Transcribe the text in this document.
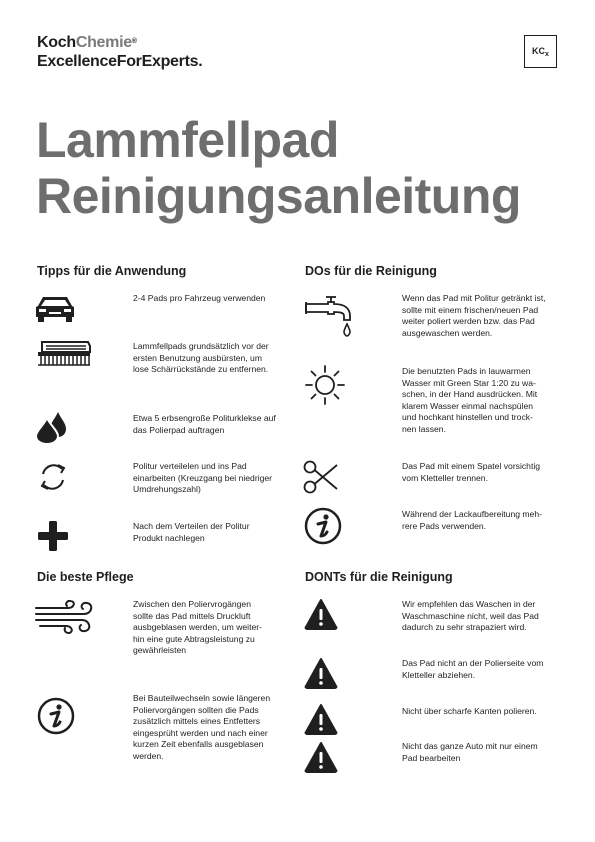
KochChemie®
ExcellenceForExperts.
$KC_x$
Lammfellpad
Reinigungsanleitung
Tipps für die Anwendung	DOs für die Reinigung
Die beste Pflege	DONTs für die Reinigung
2-4 Pads pro Fahrzeug verwenden
Lammfellpads grundsätzlich vor der
ersten Benutzung ausbürsten, um
lose Schärrückstände zu entfernen.
Etwa 5 erbsengroße Politurklekse auf
das Polierpad auftragen
Politur verteilelen und ins Pad
einarbeiten (Kreuzgang bei niedriger
Umdrehungszahl)
Nach dem Verteilen der Politur
Produkt nachlegen
Zwischen den Poliervrogängen
sollte das Pad mittels Druckluft
ausbgeblasen werden, um weiter-
hin eine gute Abtragsleistung zu
gewährleisten
Bei Bauteilwechseln sowie längeren
Poliervorgängen sollten die Pads
zusätzlich mittels eines Entfetters
eingesprüht werden und nach einer
kurzen Zeit ebenfalls ausgeblasen
werden.
Wenn das Pad mit Politur getränkt ist,
sollte mit einem frischen/neuen Pad
weiter poliert werden bzw. das Pad
ausgewaschen werden.
Die benutzten Pads in lauwarmen
Wasser mit Green Star 1:20 zu wa-
schen, in der Hand ausdrücken. Mit
klarem Wasser einmal nachspülen
und hochkant hinstellen und trock-
nen lassen.
Das Pad mit einem Spatel vorsichtig
vom Kletteller trennen.
Während der Lackaufbereitung meh-
rere Pads verwenden.
Wir empfehlen das Waschen in der
Waschmaschine nicht, weil das Pad
dadurch zu sehr strapaziert wird.
Das Pad nicht an der Polierseite vom
Kletteller abziehen.
Nicht über scharfe Kanten polieren.
Nicht das ganze Auto mit nur einem
Pad bearbeiten
